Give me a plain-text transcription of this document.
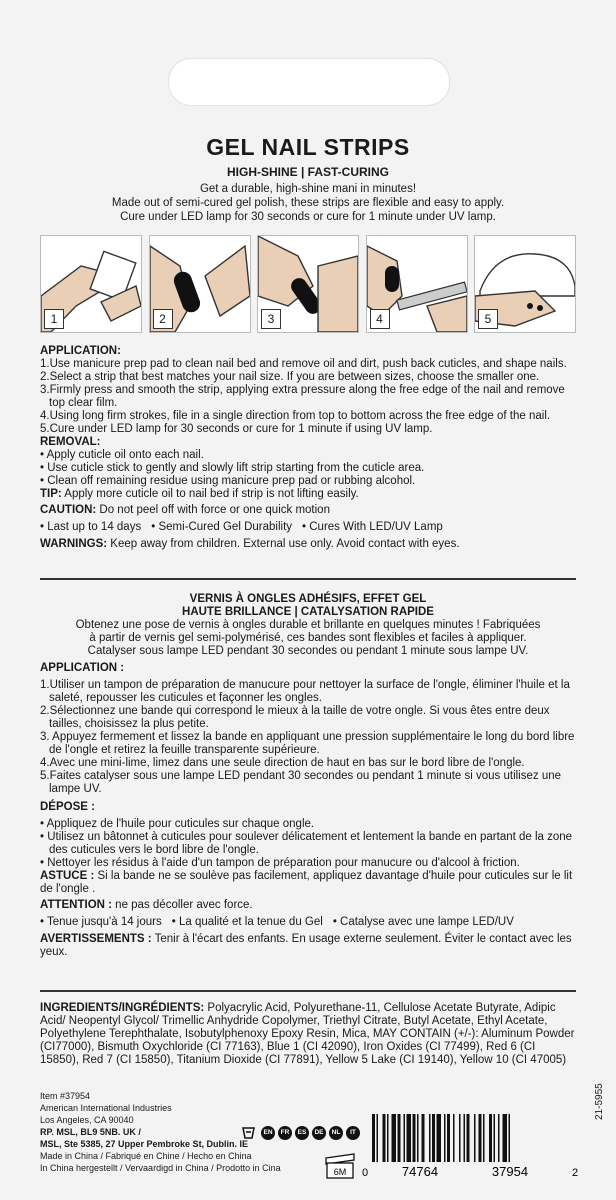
GEL NAIL STRIPS
HIGH-SHINE | FAST-CURING
Get a durable, high-shine mani in minutes!
Made out of semi-cured gel polish, these strips are flexible and easy to apply.
Cure under LED lamp for 30 seconds or cure for 1 minute under UV lamp.
1	2	3	4	5
APPLICATION:
1.Use manicure prep pad to clean nail bed and remove oil and dirt, push back cuticles, and shape nails.
2.Select a strip that best matches your nail size. If you are between sizes, choose the smaller one.
3.Firmly press and smooth the strip, applying extra pressure along the free edge of the nail and remove top clear film.
4.Using long firm strokes, file in a single direction from top to bottom across the free edge of the nail.
5.Cure under LED lamp for 30 seconds or cure for 1 minute if using UV lamp.
REMOVAL:
• Apply cuticle oil onto each nail.
• Use cuticle stick to gently and slowly lift strip starting from the cuticle area.
• Clean off remaining residue using manicure prep pad or rubbing alcohol.
TIP: Apply more cuticle oil to nail bed if strip is not lifting easily.
CAUTION: Do not peel off with force or one quick motion
• Last up to 14 days • Semi-Cured Gel Durability • Cures With LED/UV Lamp
WARNINGS: Keep away from children. External use only. Avoid contact with eyes.
VERNIS À ONGLES ADHÉSIFS, EFFET GEL
HAUTE BRILLANCE | CATALYSATION RAPIDE
Obtenez une pose de vernis à ongles durable et brillante en quelques minutes ! Fabriquées
à partir de vernis gel semi-polymérisé, ces bandes sont flexibles et faciles à appliquer.
Catalyser sous lampe LED pendant 30 secondes ou pendant 1 minute sous lampe UV.
APPLICATION :
1.Utiliser un tampon de préparation de manucure pour nettoyer la surface de l'ongle, éliminer l'huile et la saleté, repousser les cuticules et façonner les ongles.
2.Sélectionnez une bande qui correspond le mieux à la taille de votre ongle. Si vous êtes entre deux tailles, choisissez la plus petite.
3. Appuyez fermement et lissez la bande en appliquant une pression supplémentaire le long du bord libre de l'ongle et retirez la feuille transparente supérieure.
4.Avec une mini-lime, limez dans une seule direction de haut en bas sur le bord libre de l'ongle.
5.Faites catalyser sous une lampe LED pendant 30 secondes ou pendant 1 minute si vous utilisez une lampe UV.
DÉPOSE :
• Appliquez de l'huile pour cuticules sur chaque ongle.
• Utilisez un bâtonnet à cuticules pour soulever délicatement et lentement la bande en partant de la zone des cuticules vers le bord libre de l'ongle.
• Nettoyer les résidus à l'aide d'un tampon de préparation pour manucure ou d'alcool à friction.
ASTUCE : Si la bande ne se soulève pas facilement, appliquez davantage d'huile pour cuticules sur le lit de l'ongle .
ATTENTION : ne pas décoller avec force.
• Tenue jusqu'à 14 jours • La qualité et la tenue du Gel • Catalyse avec une lampe LED/UV
AVERTISSEMENTS : Tenir à l'écart des enfants. En usage externe seulement. Éviter le contact avec les yeux.
INGREDIENTS/INGRÉDIENTS: Polyacrylic Acid, Polyurethane-11, Cellulose Acetate Butyrate, Adipic Acid/ Neopentyl Glycol/ Trimellic Anhydride Copolymer, Triethyl Citrate, Butyl Acetate, Ethyl Acetate, Polyethylene Terephthalate, Isobutylphenoxy Epoxy Resin, Mica, MAY CONTAIN (+/-): Aluminum Powder (CI77000), Bismuth Oxychloride (CI 77163), Blue 1 (CI 42090), Iron Oxides (CI 77499), Red 6 (CI 15850), Red 7 (CI 15850), Titanium Dioxide (CI 77891), Yellow 5 Lake (CI 19140), Yellow 10 (CI 47005)
Item #37954
American International Industries
Los Angeles, CA 90040
RP. MSL, BL9 5NB. UK /
MSL, Ste 5385, 27 Upper Pembroke St, Dublin. IE
Made in China / Fabriqué en Chine / Hecho en China
In China hergestellt / Vervaardigd in China / Prodotto in Cina
EN	FR	ES	DE	NL	IT
6M 0	74764	37954	2
21-5955
